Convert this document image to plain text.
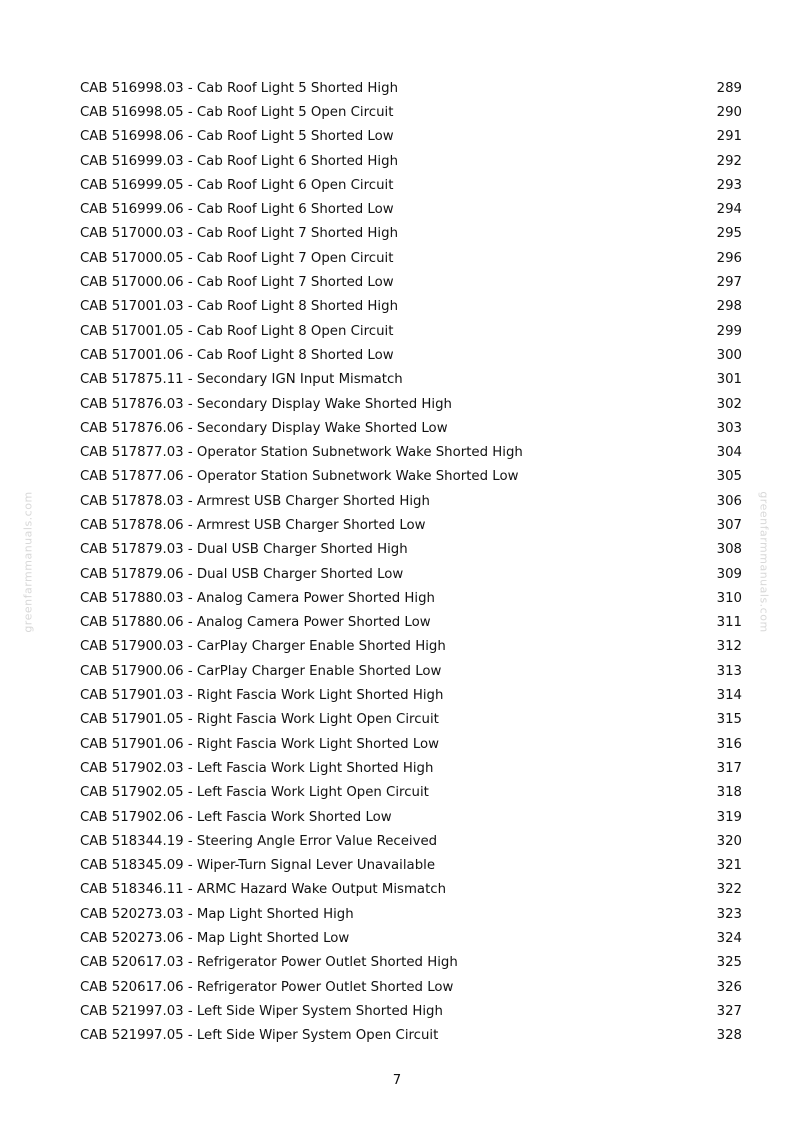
greenfarmmanuals.com	greenfarmmanuals.com
CAB 516998.03 - Cab Roof Light 5 Shorted High	289
CAB 516998.05 - Cab Roof Light 5 Open Circuit	290
CAB 516998.06 - Cab Roof Light 5 Shorted Low	291
CAB 516999.03 - Cab Roof Light 6 Shorted High	292
CAB 516999.05 - Cab Roof Light 6 Open Circuit	293
CAB 516999.06 - Cab Roof Light 6 Shorted Low	294
CAB 517000.03 - Cab Roof Light 7 Shorted High	295
CAB 517000.05 - Cab Roof Light 7 Open Circuit	296
CAB 517000.06 - Cab Roof Light 7 Shorted Low	297
CAB 517001.03 - Cab Roof Light 8 Shorted High	298
CAB 517001.05 - Cab Roof Light 8 Open Circuit	299
CAB 517001.06 - Cab Roof Light 8 Shorted Low	300
CAB 517875.11 - Secondary IGN Input Mismatch	301
CAB 517876.03 - Secondary Display Wake Shorted High	302
CAB 517876.06 - Secondary Display Wake Shorted Low	303
CAB 517877.03 - Operator Station Subnetwork Wake Shorted High	304
CAB 517877.06 - Operator Station Subnetwork Wake Shorted Low	305
CAB 517878.03 - Armrest USB Charger Shorted High	306
CAB 517878.06 - Armrest USB Charger Shorted Low	307
CAB 517879.03 - Dual USB Charger Shorted High	308
CAB 517879.06 - Dual USB Charger Shorted Low	309
CAB 517880.03 - Analog Camera Power Shorted High	310
CAB 517880.06 - Analog Camera Power Shorted Low	311
CAB 517900.03 - CarPlay Charger Enable Shorted High	312
CAB 517900.06 - CarPlay Charger Enable Shorted Low	313
CAB 517901.03 - Right Fascia Work Light Shorted High	314
CAB 517901.05 - Right Fascia Work Light Open Circuit	315
CAB 517901.06 - Right Fascia Work Light Shorted Low	316
CAB 517902.03 - Left Fascia Work Light Shorted High	317
CAB 517902.05 - Left Fascia Work Light Open Circuit	318
CAB 517902.06 - Left Fascia Work Shorted Low	319
CAB 518344.19 - Steering Angle Error Value Received	320
CAB 518345.09 - Wiper-Turn Signal Lever Unavailable	321
CAB 518346.11 - ARMC Hazard Wake Output Mismatch	322
CAB 520273.03 - Map Light Shorted High	323
CAB 520273.06 - Map Light Shorted Low	324
CAB 520617.03 - Refrigerator Power Outlet Shorted High	325
CAB 520617.06 - Refrigerator Power Outlet Shorted Low	326
CAB 521997.03 - Left Side Wiper System Shorted High	327
CAB 521997.05 - Left Side Wiper System Open Circuit	328
7
